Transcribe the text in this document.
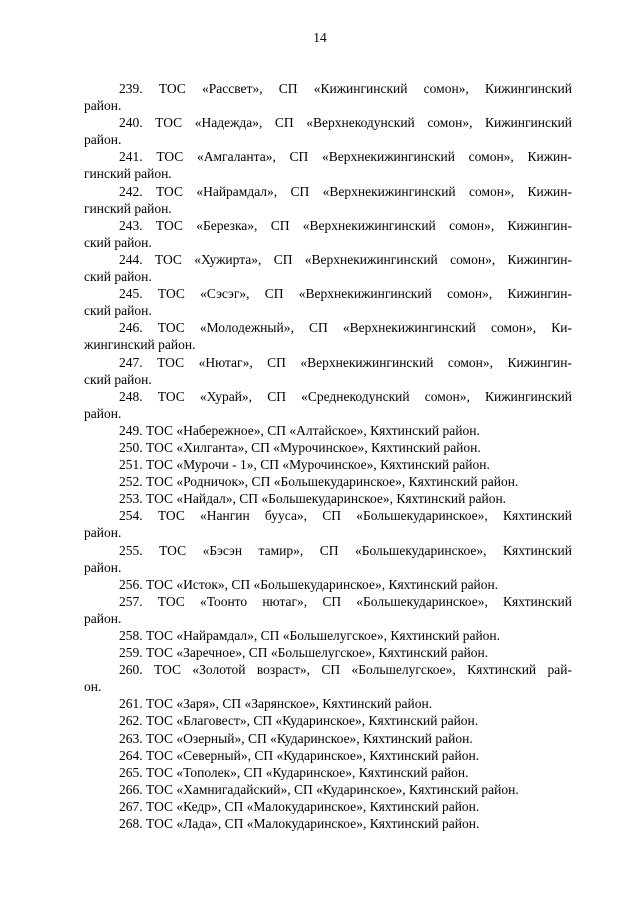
14

239. ТОС «Рассвет», СП «Кижингинский сомон», Кижингинский
район.

240. ТОС «Надежда», СП «Верхнекодунский сомон», Кижингинский
район.

241. ТОС «Амгаланта», СП «Верхнекижингинский сомон», Кижин-
гинский район.

242. ТОС «Найрамдал», СП «Верхнекижингинский сомон», Кижин-
гинский район.

243. ТОС «Березка», СП «Верхнекижингинский сомон», Кижингин-
ский район.

244. ТОС «Хужирта», СП «Верхнекижингинский сомон», Кижингин-
ский район.

245. ТОС «Сэсэг», СП «Верхнекижингинский сомон», Кижингин-
ский район.

246. ТОС «Молодежный», СП «Верхнекижингинский сомон», Ки-
жингинский район.

247. ТОС «Нютаг», СП «Верхнекижингинский сомон», Кижингин-
ский район.

248. ТОС «Хурай», СП «Среднекодунский сомон», Кижингинский
район.

249. ТОС «Набережное», СП «Алтайское», Кяхтинский район.

250. ТОС «Хилганта», СП «Мурочинское», Кяхтинский район.

251. ТОС «Мурочи - 1», СП «Мурочинское», Кяхтинский район.

252. ТОС «Родничок», СП «Большекударинское», Кяхтинский район.

253. ТОС «Найдал», СП «Большекударинское», Кяхтинский район.

254. ТОС «Нангин бууса», СП «Большекударинское», Кяхтинский
район.

255. ТОС «Бэсэн тамир», СП «Большекударинское», Кяхтинский
район.

256. ТОС «Исток», СП «Большекударинское», Кяхтинский район.

257. ТОС «Тоонто нютаг», СП «Большекударинское», Кяхтинский
район.

258. ТОС «Найрамдал», СП «Большелугское», Кяхтинский район.

259. ТОС «Заречное», СП «Большелугское», Кяхтинский район.

260. ТОС «Золотой возраст», СП «Большелугское», Кяхтинский рай-
он.

261. ТОС «Заря», СП «Зарянское», Кяхтинский район.

262. ТОС «Благовест», СП «Кударинское», Кяхтинский район.

263. ТОС «Озерный», СП «Кударинское», Кяхтинский район.

264. ТОС «Северный», СП «Кударинское», Кяхтинский район.

265. ТОС «Тополек», СП «Кударинское», Кяхтинский район.

266. ТОС «Хамнигадайский», СП «Кударинское», Кяхтинский район.

267. ТОС «Кедр», СП «Малокударинское», Кяхтинский район.

268. ТОС «Лада», СП «Малокударинское», Кяхтинский район.
